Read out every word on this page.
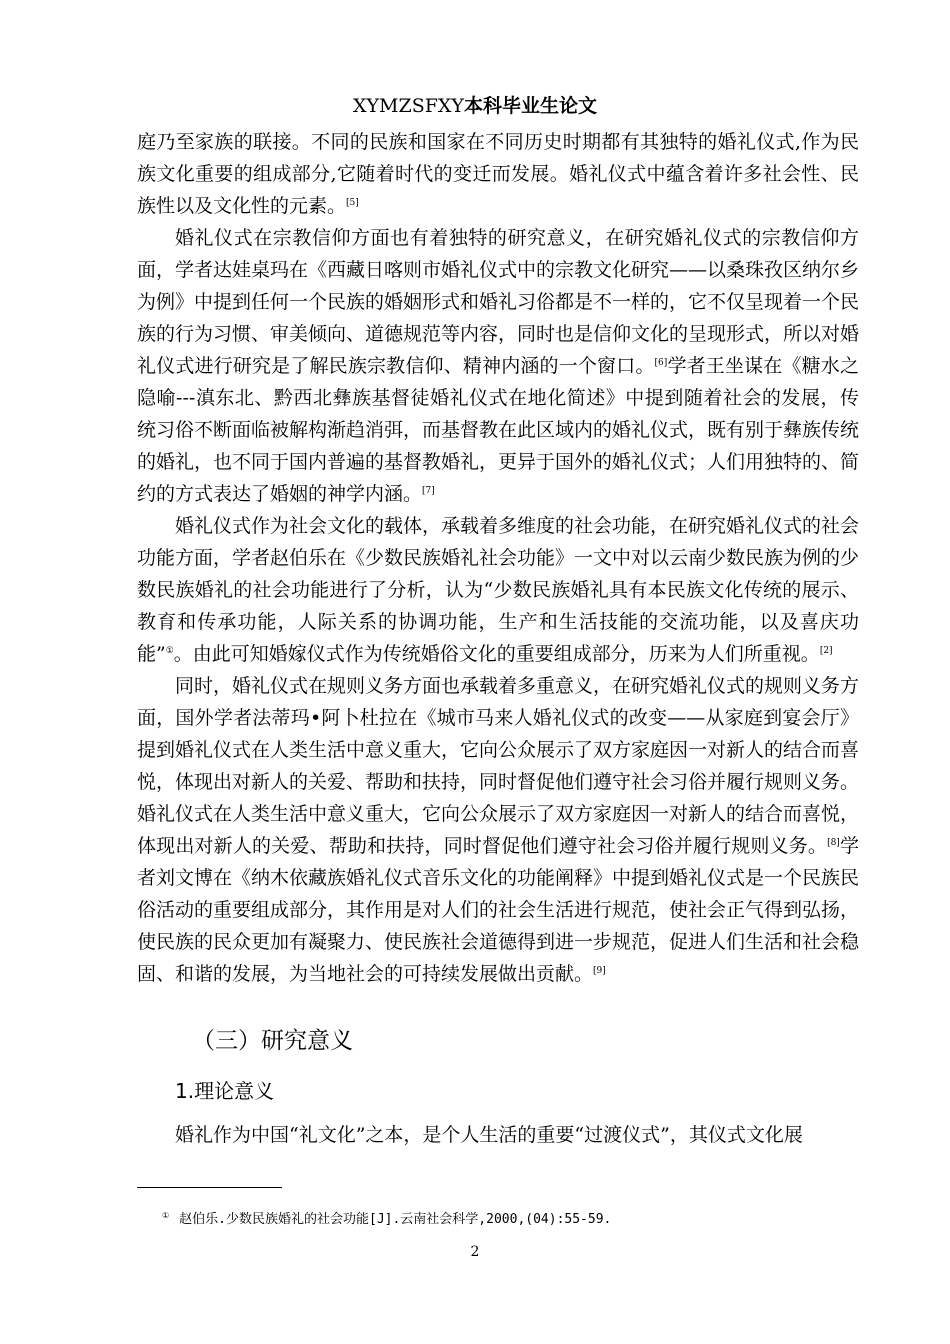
XYMZSFXY本科毕业生论文

庭乃至家族的联接。不同的民族和国家在不同历史时期都有其独特的婚礼仪式,作为民族文化重要的组成部分,它随着时代的变迁而发展。婚礼仪式中蕴含着许多社会性、民族性以及文化性的元素。[5]

婚礼仪式在宗教信仰方面也有着独特的研究意义，在研究婚礼仪式的宗教信仰方面，学者达娃桌玛在《西藏日喀则市婚礼仪式中的宗教文化研究——以桑珠孜区纳尔乡为例》中提到任何一个民族的婚姻形式和婚礼习俗都是不一样的，它不仅呈现着一个民族的行为习惯、审美倾向、道德规范等内容，同时也是信仰文化的呈现形式，所以对婚礼仪式进行研究是了解民族宗教信仰、精神内涵的一个窗口。[6]学者王坐谋在《糖水之隐喻---滇东北、黔西北彝族基督徒婚礼仪式在地化简述》中提到随着社会的发展，传统习俗不断面临被解构渐趋消弭，而基督教在此区域内的婚礼仪式，既有别于彝族传统的婚礼，也不同于国内普遍的基督教婚礼，更异于国外的婚礼仪式；人们用独特的、简约的方式表达了婚姻的神学内涵。[7]

婚礼仪式作为社会文化的载体，承载着多维度的社会功能，在研究婚礼仪式的社会功能方面，学者赵伯乐在《少数民族婚礼社会功能》一文中对以云南少数民族为例的少数民族婚礼的社会功能进行了分析，认为“少数民族婚礼具有本民族文化传统的展示、教育和传承功能，人际关系的协调功能，生产和生活技能的交流功能，以及喜庆功能”①。由此可知婚嫁仪式作为传统婚俗文化的重要组成部分，历来为人们所重视。[2]

同时，婚礼仪式在规则义务方面也承载着多重意义，在研究婚礼仪式的规则义务方面，国外学者法蒂玛•阿卜杜拉在《城市马来人婚礼仪式的改变——从家庭到宴会厅》提到婚礼仪式在人类生活中意义重大，它向公众展示了双方家庭因一对新人的结合而喜悦，体现出对新人的关爱、帮助和扶持，同时督促他们遵守社会习俗并履行规则义务。婚礼仪式在人类生活中意义重大，它向公众展示了双方家庭因一对新人的结合而喜悦，体现出对新人的关爱、帮助和扶持，同时督促他们遵守社会习俗并履行规则义务。[8]学者刘文博在《纳木依藏族婚礼仪式音乐文化的功能阐释》中提到婚礼仪式是一个民族民俗活动的重要组成部分，其作用是对人们的社会生活进行规范，使社会正气得到弘扬，使民族的民众更加有凝聚力、使民族社会道德得到进一步规范，促进人们生活和社会稳固、和谐的发展，为当地社会的可持续发展做出贡献。[9]

（三）研究意义
1.理论意义
婚礼作为中国“礼文化”之本，是个人生活的重要“过渡仪式”，其仪式文化展
① 赵伯乐.少数民族婚礼的社会功能[J].云南社会科学,2000,(04):55-59.
2
